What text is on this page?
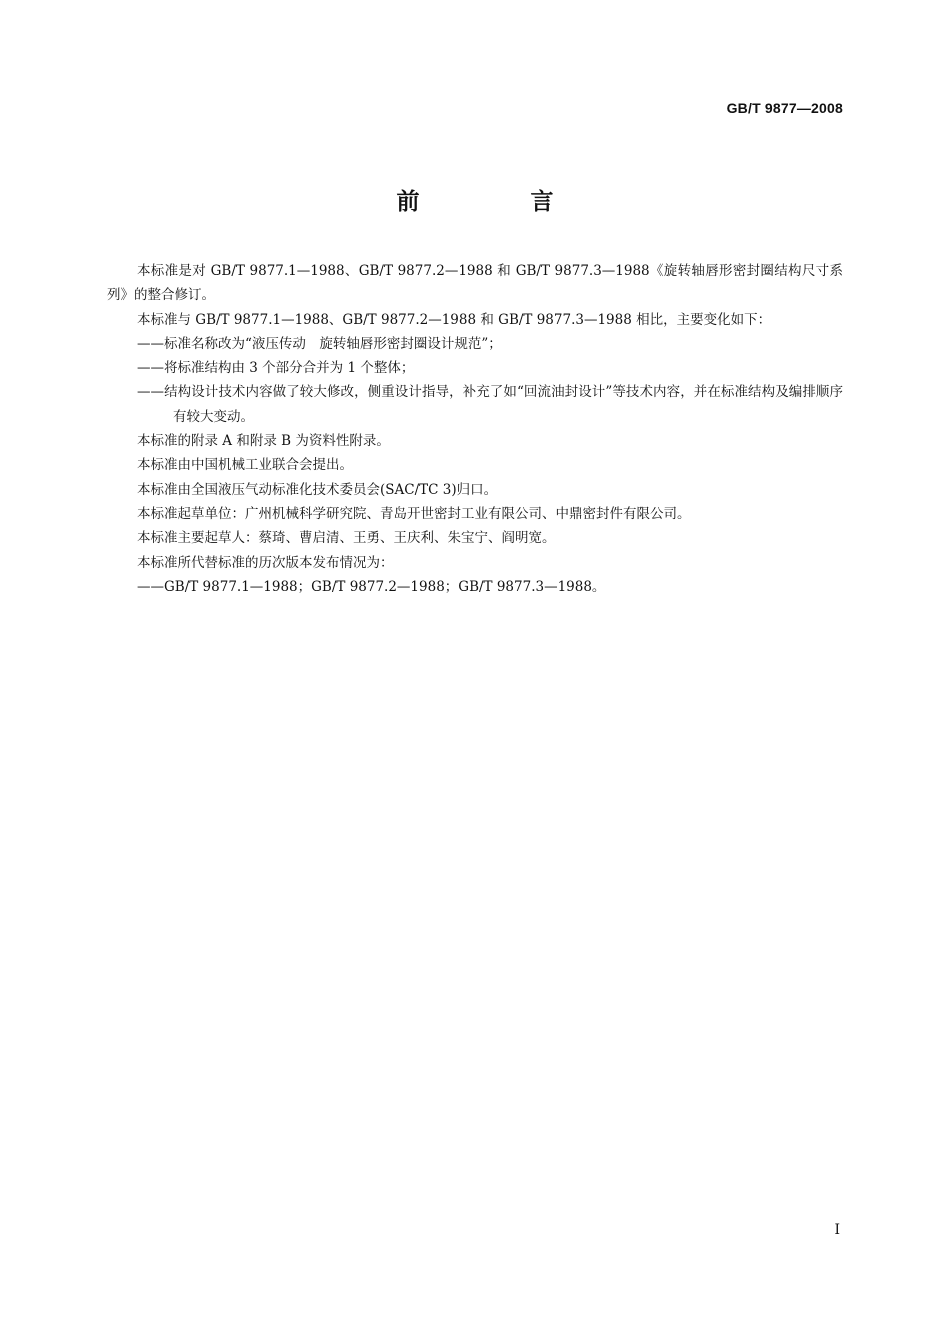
GB/T 9877—2008
前　言

本标准是对 GB/T 9877.1—1988、GB/T 9877.2—1988 和 GB/T 9877.3—1988《旋转轴唇形密封圈结构尺寸系列》的整合修订。

本标准与 GB/T 9877.1—1988、GB/T 9877.2—1988 和 GB/T 9877.3—1988 相比，主要变化如下：

——标准名称改为“液压传动　旋转轴唇形密封圈设计规范”；

——将标准结构由 3 个部分合并为 1 个整体；

——结构设计技术内容做了较大修改，侧重设计指导，补充了如“回流油封设计”等技术内容，并在标准结构及编排顺序有较大变动。

本标准的附录 A 和附录 B 为资料性附录。

本标准由中国机械工业联合会提出。

本标准由全国液压气动标准化技术委员会(SAC/TC 3)归口。

本标准起草单位：广州机械科学研究院、青岛开世密封工业有限公司、中鼎密封件有限公司。

本标准主要起草人：蔡琦、曹启清、王勇、王庆利、朱宝宁、阎明宽。

本标准所代替标准的历次版本发布情况为：

——GB/T 9877.1—1988；GB/T 9877.2—1988；GB/T 9877.3—1988。

I
